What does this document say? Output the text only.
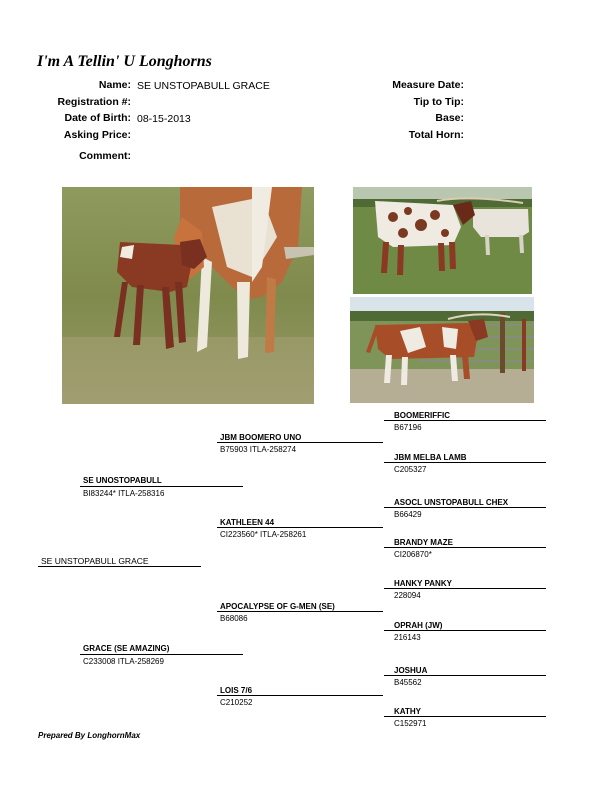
I'm A Tellin' U Longhorns
Name: SE UNSTOPABULL GRACE
Registration #:
Date of Birth: 08-15-2013
Asking Price:
Comment:
Measure Date:
Tip to Tip:
Base:
Total Horn:
SE UNSTOPABULL GRACE
SE UNOSTOPABULL
BI83244* ITLA-258316
GRACE (SE AMAZING)
C233008 ITLA-258269
JBM BOOMERO UNO
B75903 ITLA-258274
KATHLEEN 44
CI223560* ITLA-258261
APOCALYPSE OF G-MEN (SE)
B68086
LOIS 7/6
C210252
BOOMERIFFIC
B67196
JBM MELBA LAMB
C205327
ASOCL UNSTOPABULL CHEX
B66429
BRANDY MAZE
CI206870*
HANKY PANKY
228094
OPRAH (JW)
216143
JOSHUA
B45562
KATHY
C152971
Prepared By LonghornMax
